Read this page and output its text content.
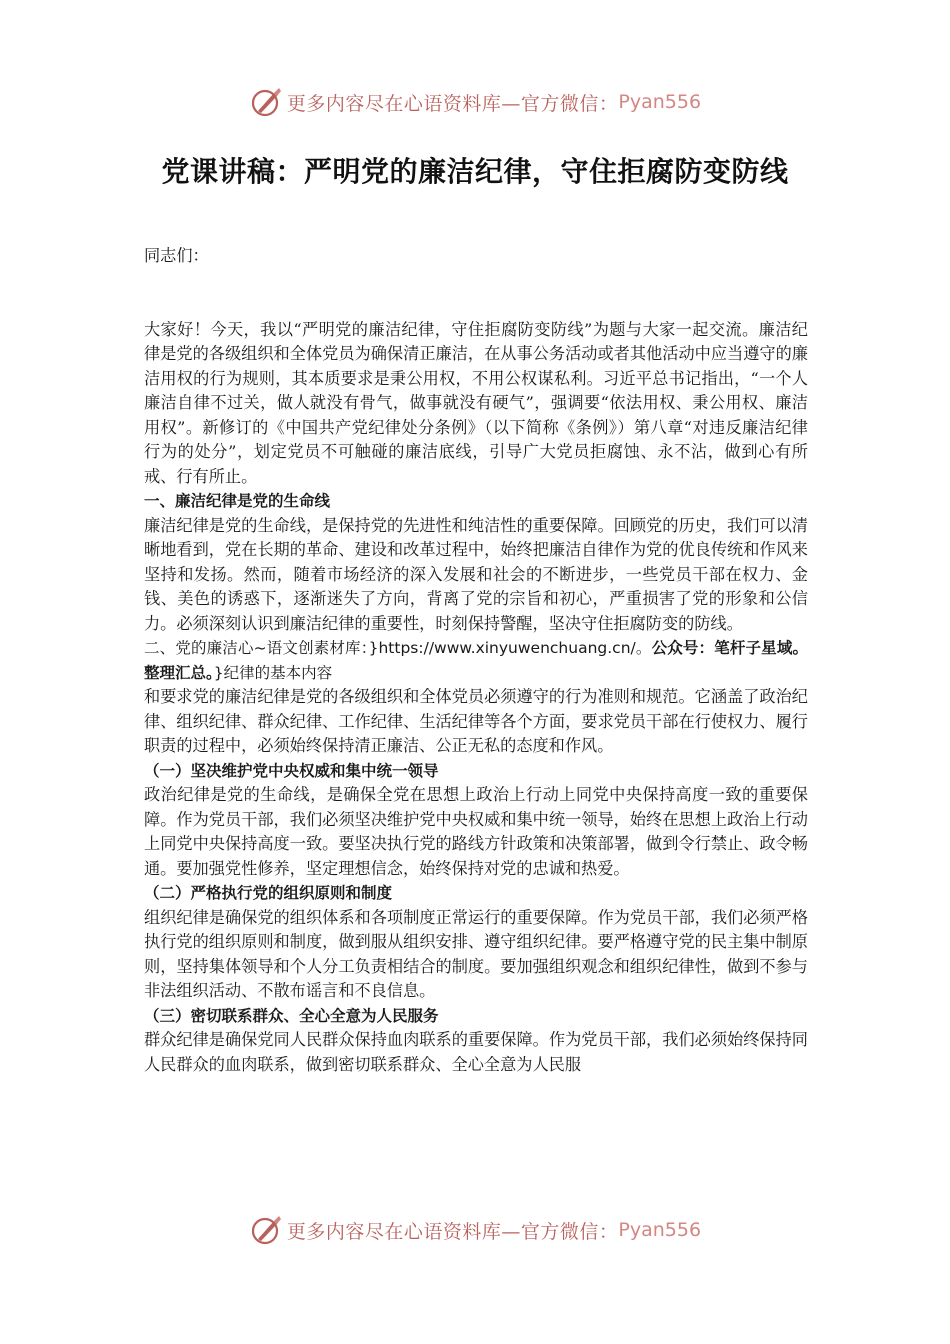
更多内容尽在心语资料库—官方微信： Pyan556
党课讲稿：严明党的廉洁纪律，守住拒腐防变防线

同志们：

大家好！今天，我以“严明党的廉洁纪律，守住拒腐防变防线”为题与大家一起交流。廉洁纪律是党的各级组织和全体党员为确保清正廉洁，在从事公务活动或者其他活动中应当遵守的廉洁用权的行为规则，其本质要求是秉公用权，不用公权谋私利。习近平总书记指出，“一个人廉洁自律不过关，做人就没有骨气，做事就没有硬气”，强调要“依法用权、秉公用权、廉洁用权”。新修订的《中国共产党纪律处分条例》（以下简称《条例》）第八章“对违反廉洁纪律行为的处分”，划定党员不可触碰的廉洁底线，引导广大党员拒腐蚀、永不沾，做到心有所戒、行有所止。

一、廉洁纪律是党的生命线

廉洁纪律是党的生命线，是保持党的先进性和纯洁性的重要保障。回顾党的历史，我们可以清晰地看到，党在长期的革命、建设和改革过程中，始终把廉洁自律作为党的优良传统和作风来坚持和发扬。然而，随着市场经济的深入发展和社会的不断进步，一些党员干部在权力、金钱、美色的诱惑下，逐渐迷失了方向，背离了党的宗旨和初心，严重损害了党的形象和公信力。必须深刻认识到廉洁纪律的重要性，时刻保持警醒，坚决守住拒腐防变的防线。

二、党的廉洁心~语文创素材库：}https://www.xinyuwenchuang.cn/。公众号：笔杆子星域。整理汇总。}纪律的基本内容

和要求党的廉洁纪律是党的各级组织和全体党员必须遵守的行为准则和规范。它涵盖了政治纪律、组织纪律、群众纪律、工作纪律、生活纪律等各个方面，要求党员干部在行使权力、履行职责的过程中，必须始终保持清正廉洁、公正无私的态度和作风。

（一）坚决维护党中央权威和集中统一领导

政治纪律是党的生命线，是确保全党在思想上政治上行动上同党中央保持高度一致的重要保障。作为党员干部，我们必须坚决维护党中央权威和集中统一领导，始终在思想上政治上行动上同党中央保持高度一致。要坚决执行党的路线方针政策和决策部署，做到令行禁止、政令畅通。要加强党性修养，坚定理想信念，始终保持对党的忠诚和热爱。

（二）严格执行党的组织原则和制度

组织纪律是确保党的组织体系和各项制度正常运行的重要保障。作为党员干部，我们必须严格执行党的组织原则和制度，做到服从组织安排、遵守组织纪律。要严格遵守党的民主集中制原则，坚持集体领导和个人分工负责相结合的制度。要加强组织观念和组织纪律性，做到不参与非法组织活动、不散布谣言和不良信息。

（三）密切联系群众、全心全意为人民服务

群众纪律是确保党同人民群众保持血肉联系的重要保障。作为党员干部，我们必须始终保持同人民群众的血肉联系，做到密切联系群众、全心全意为人民服

更多内容尽在心语资料库—官方微信： Pyan556
